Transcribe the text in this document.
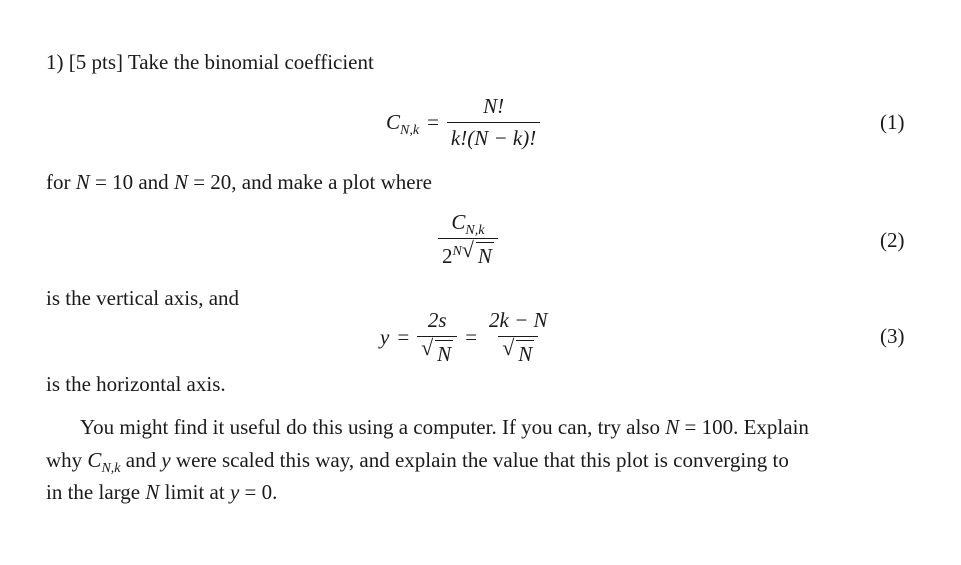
1) [5 pts] Take the binomial coefficient
$C_{N,k} = \frac{N!}{k!(N - k)!}$	(1)
for N = 10 and N = 20, and make a plot where
$\frac{C_{N,k}}{2^N √ N}$	(2)
is the vertical axis, and
$y = \frac{2s}{√ N} = \frac{2k - N}{√ N}$	(3)
is the horizontal axis.
You might find it useful do this using a computer. If you can, try also N = 100. Explain
why $C_{N,k}$ and y were scaled this way, and explain the value that this plot is converging to
in the large N limit at y = 0.
